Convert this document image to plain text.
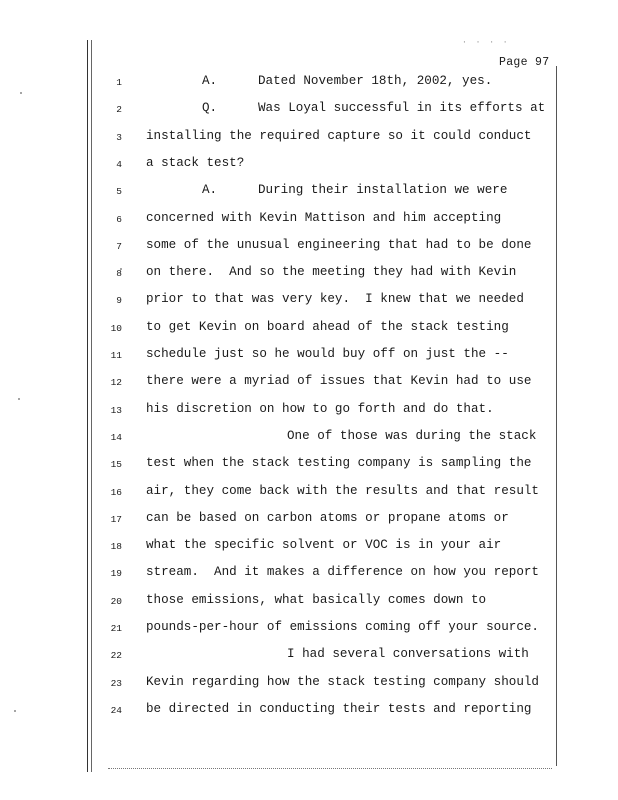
· · · ·
Page 97
1	A.	Dated November 18th, 2002, yes.
2	Q.	Was Loyal successful in its efforts at
3 installing the required capture so it could conduct
4 a stack test?
5	A.	During their installation we were
6 concerned with Kevin Mattison and him accepting
7 some of the unusual engineering that had to be done
8 on there.  And so the meeting they had with Kevin
9 prior to that was very key.  I knew that we needed
10 to get Kevin on board ahead of the stack testing
11 schedule just so he would buy off on just the --
12 there were a myriad of issues that Kevin had to use
13 his discretion on how to go forth and do that.
14	One of those was during the stack
15 test when the stack testing company is sampling the
16 air, they come back with the results and that result
17 can be based on carbon atoms or propane atoms or
18 what the specific solvent or VOC is in your air
19 stream.  And it makes a difference on how you report
20 those emissions, what basically comes down to
21 pounds-per-hour of emissions coming off your source.
22	I had several conversations with
23 Kevin regarding how the stack testing company should
24 be directed in conducting their tests and reporting
